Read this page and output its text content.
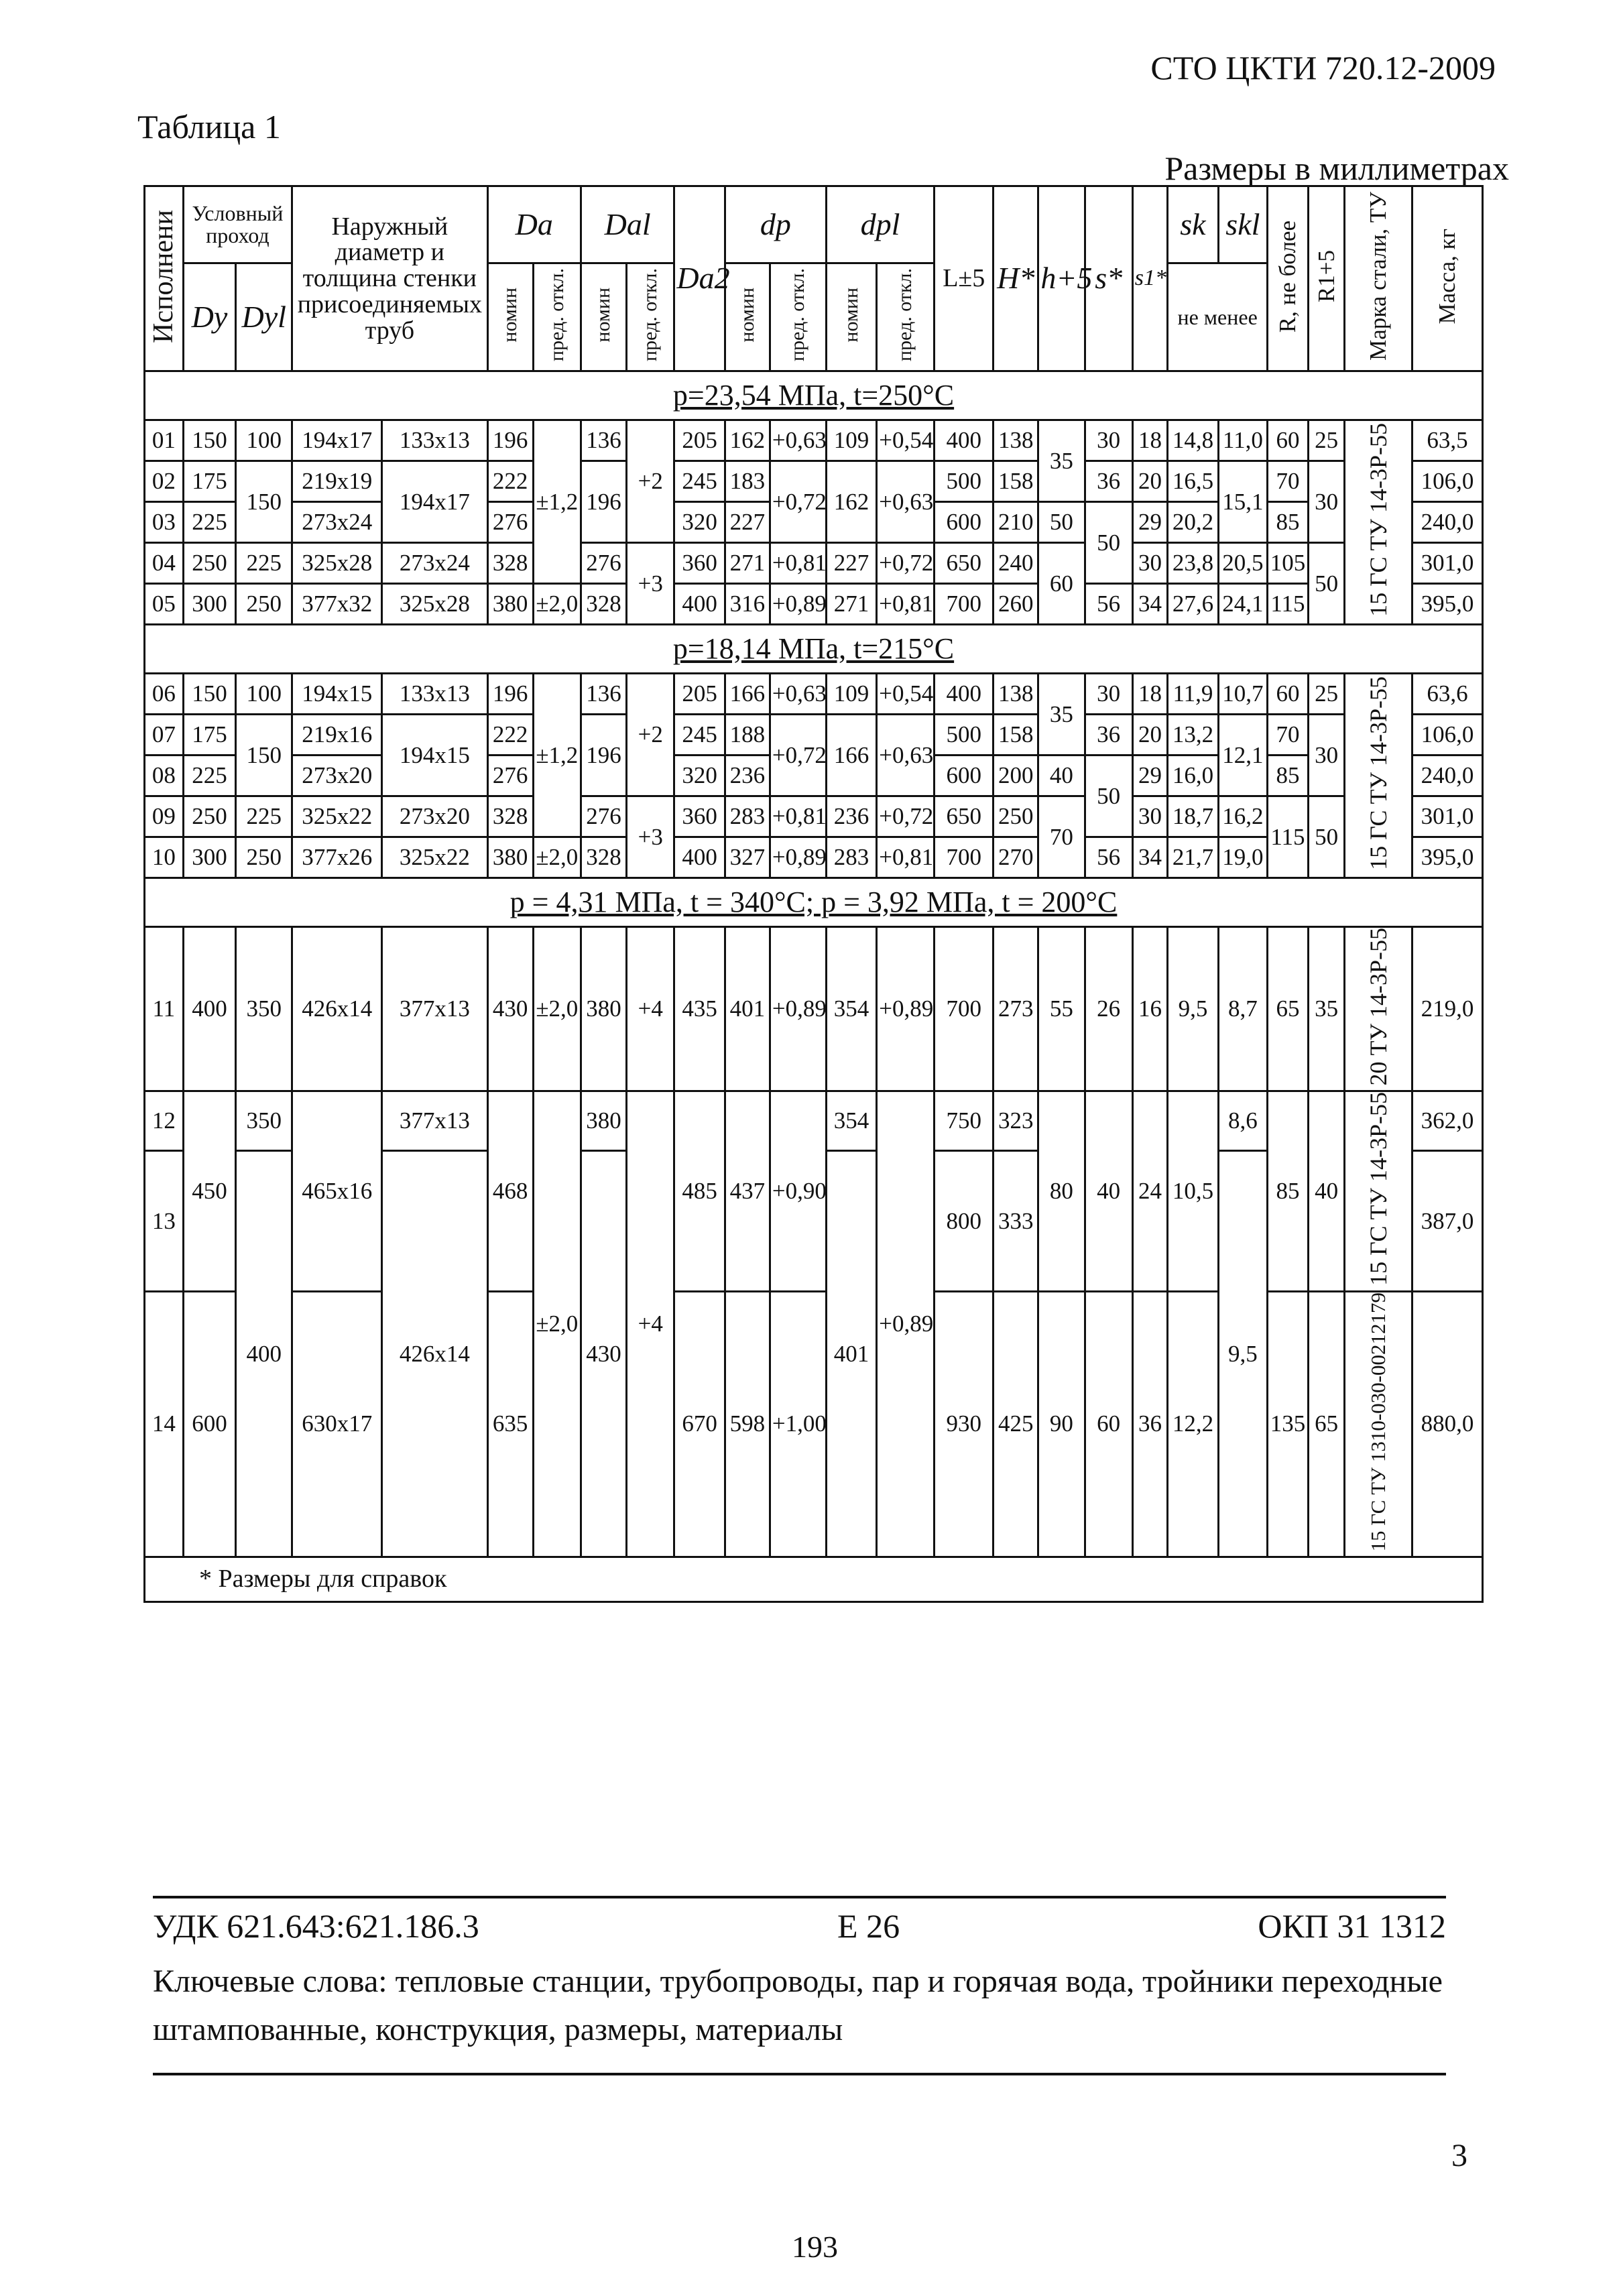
СТО ЦКТИ 720.12-2009
Таблица 1
Размеры в миллиметрах
Исполнени	Условный проход		Наружный диаметр и толщина стенки присоединяемых труб		Da		Dal		Da2	dp		dpl		L±5	H*	h+5	s*	s1*	sk	skl	R, не более	R1+5	Марка стали, ТУ	Масса, кг
	Dy	Dyl			номин	пред. откл.	номин	пред. откл.		номин	пред. откл.	номин	пред. откл.						не менее					
p=23,54 МПа, t=250°С																								
01	150	100	194x17	133x13	196	±1,2	136	+2	205	162	+0,63	109	+0,54	400	138	35	30	18	14,8	11,0	60	25	15 ГС ТУ 14-3Р-55	63,5
02	175	150	219x19	194x17	222		196		245	183	+0,72	162	+0,63	500	158		36	20	16,5	15,1	70	30		106,0
03	225		273x24		276				320	227				600	210	50	50	29	20,2		85			240,0
04	250	225	325x28	273x24	328		276	+3	360	271	+0,81	227	+0,72	650	240	60		30	23,8	20,5	105	50		301,0
05	300	250	377x32	325x28	380	±2,0	328		400	316	+0,89	271	+0,81	700	260		56	34	27,6	24,1	115			395,0
p=18,14 МПа, t=215°С																								
06	150	100	194x15	133x13	196	±1,2	136	+2	205	166	+0,63	109	+0,54	400	138	35	30	18	11,9	10,7	60	25	15 ГС ТУ 14-3Р-55	63,6
07	175	150	219x16	194x15	222		196		245	188	+0,72	166	+0,63	500	158		36	20	13,2	12,1	70	30		106,0
08	225		273x20		276				320	236				600	200	40	50	29	16,0		85			240,0
09	250	225	325x22	273x20	328		276	+3	360	283	+0,81	236	+0,72	650	250	70		30	18,7	16,2	115	50		301,0
10	300	250	377x26	325x22	380	±2,0	328		400	327	+0,89	283	+0,81	700	270		56	34	21,7	19,0				395,0
p = 4,31 МПа, t = 340°С; p = 3,92 МПа, t = 200°С																								
11	400	350	426x14	377x13	430	±2,0	380	+4	435	401	+0,89	354	+0,89	700	273	55	26	16	9,5	8,7	65	35	20 ТУ 14-3Р-55	219,0
12	450	350	465x16	377x13	468	±2,0	380	+4	485	437	+0,90	354	+0,89	750	323	80	40	24	10,5	8,6	85	40	15 ГС ТУ 14-3Р-55	362,0
13		400		426x14			430					401		800	333					9,5				387,0
14	600		630x17		635				670	598	+1,00			930	425	90	60	36	12,2		135	65	15 ГС ТУ 1310-030-00212179	880,0

* Размеры для справок																								
УДК 621.643:621.186.3	Е 26	ОКП 31 1312
Ключевые слова: тепловые станции, трубопроводы, пар и горячая вода, тройники переходные штампованные, конструкция, размеры, материалы
3
193
